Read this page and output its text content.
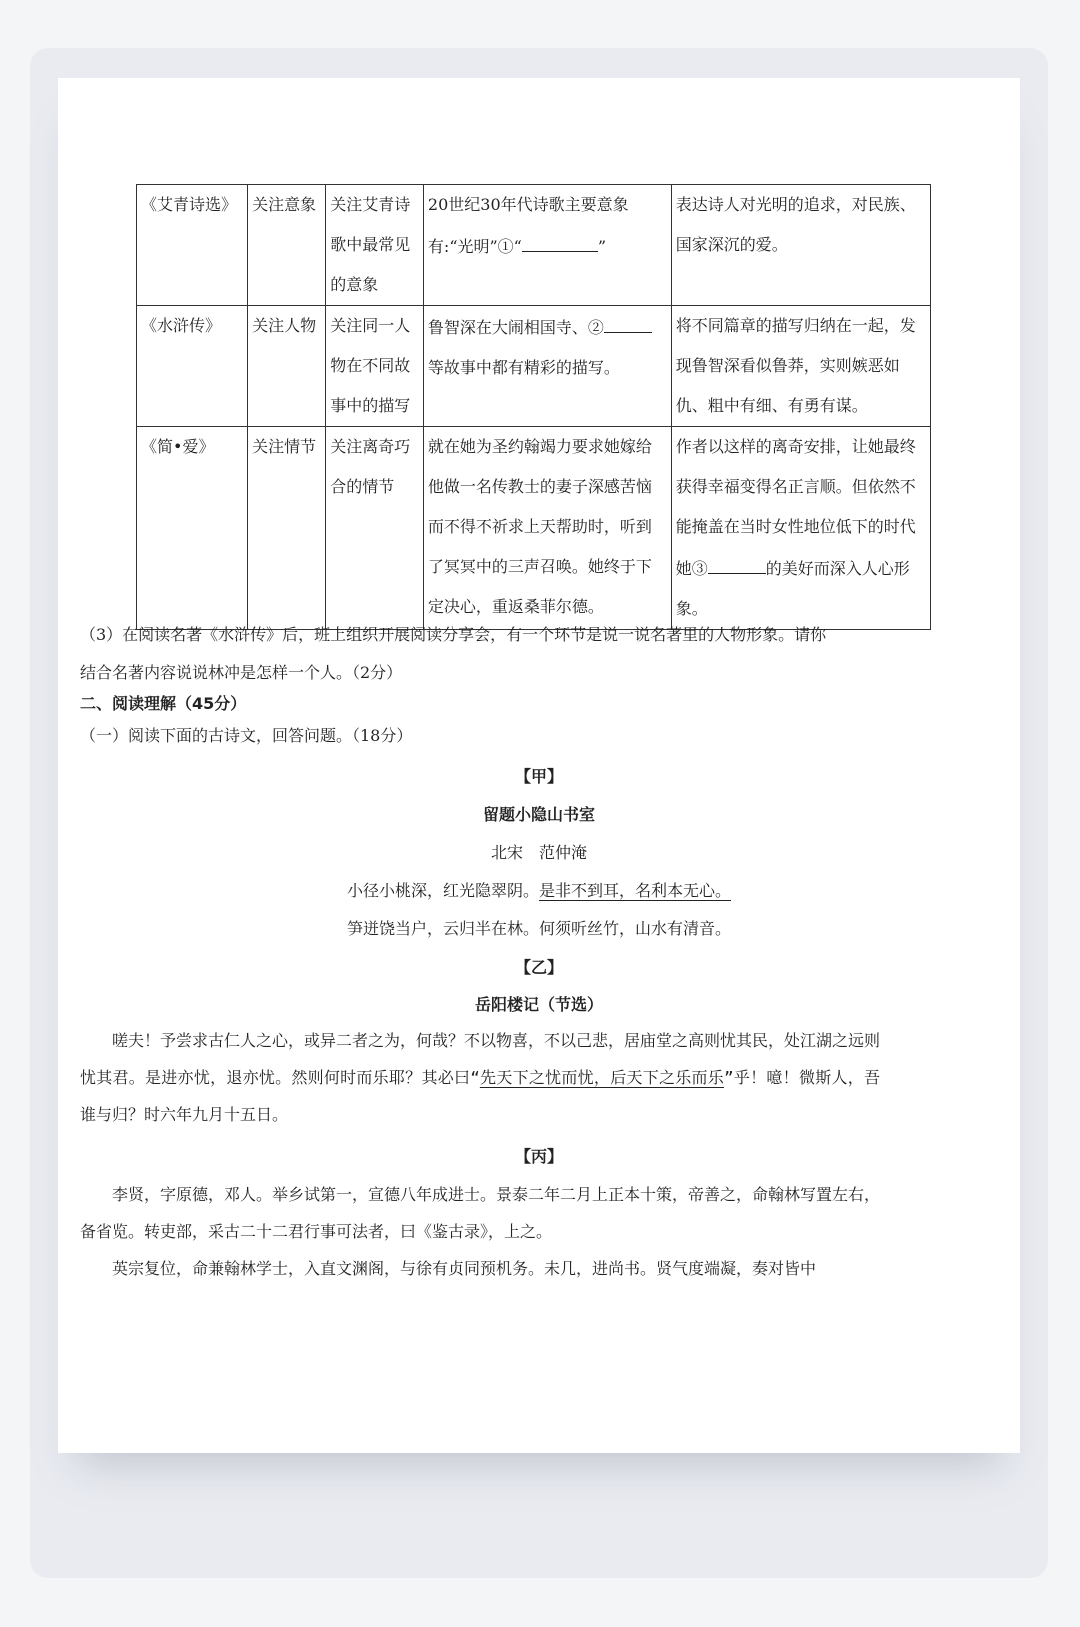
《艾青诗选》	关注意象	关注艾青诗歌中最常见的意象	20世纪30年代诗歌主要意象有:“光明”①“ ”	表达诗人对光明的追求，对民族、国家深沉的爱。
《水浒传》	关注人物	关注同一人物在不同故事中的描写	鲁智深在大闹相国寺、②等故事中都有精彩的描写。	将不同篇章的描写归纳在一起，发现鲁智深看似鲁莽，实则嫉恶如仇、粗中有细、有勇有谋。
《简•爱》	关注情节	关注离奇巧合的情节	就在她为圣约翰竭力要求她嫁给他做一名传教士的妻子深感苦恼而不得不祈求上天帮助时，听到了冥冥中的三声召唤。她终于下定决心，重返桑菲尔德。	作者以这样的离奇安排，让她最终获得幸福变得名正言顺。但依然不能掩盖在当时女性地位低下的时代她③ 的美好而深入人心形象。
（3）在阅读名著《水浒传》后，班上组织开展阅读分享会，有一个环节是说一说名著里的人物形象。请你
结合名著内容说说林冲是怎样一个人。（2分）
二、阅读理解（45分）
（一）阅读下面的古诗文，回答问题。（18分）
【甲】
留题小隐山书室
北宋　范仲淹
小径小桃深，红光隐翠阴。是非不到耳，名利本无心。
笋迸饶当户，云归半在林。何须听丝竹，山水有清音。
【乙】
岳阳楼记（节选）
嗟夫！予尝求古仁人之心，或异二者之为，何哉？不以物喜，不以己悲，居庙堂之高则忧其民，处江湖之远则忧其君。是进亦忧，退亦忧。然则何时而乐耶？其必曰“先天下之忧而忧，后天下之乐而乐”乎！噫！微斯人，吾谁与归？时六年九月十五日。
【丙】
李贤，字原德，邓人。举乡试第一，宣德八年成进士。景泰二年二月上正本十策，帝善之，命翰林写置左右，备省览。转吏部，采古二十二君行事可法者，曰《鉴古录》，上之。
英宗复位，命兼翰林学士，入直文渊阁，与徐有贞同预机务。未几，进尚书。贤气度端凝，奏对皆中
